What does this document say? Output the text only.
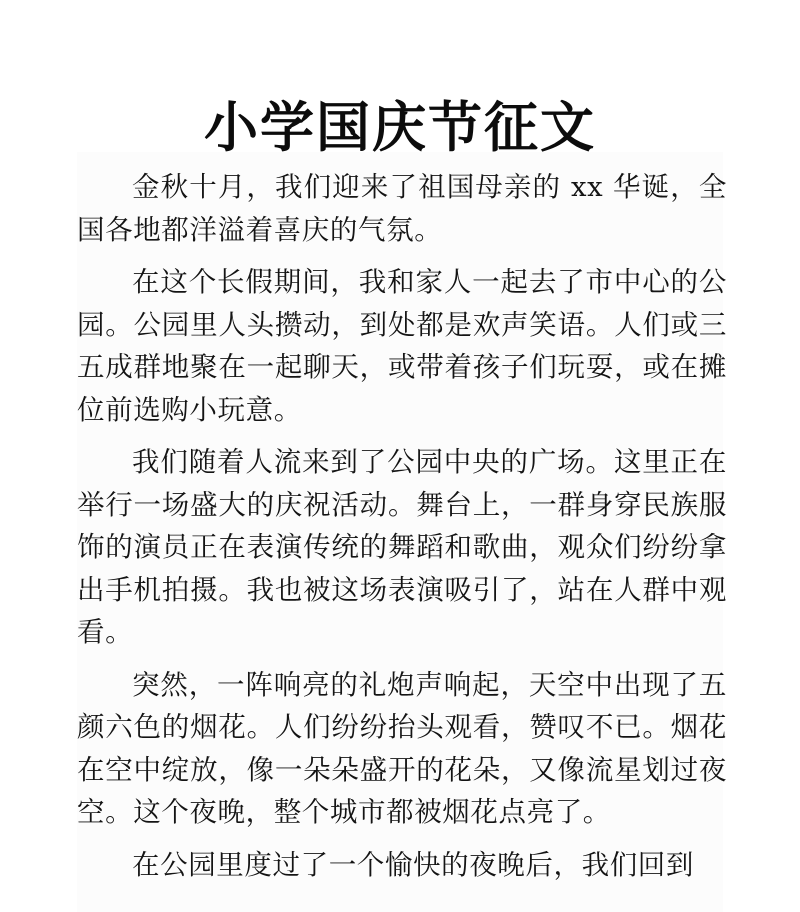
小学国庆节征文

金秋十月，我们迎来了祖国母亲的 xx 华诞，全国各地都洋溢着喜庆的气氛。

在这个长假期间，我和家人一起去了市中心的公园。公园里人头攒动，到处都是欢声笑语。人们或三五成群地聚在一起聊天，或带着孩子们玩耍，或在摊位前选购小玩意。

我们随着人流来到了公园中央的广场。这里正在举行一场盛大的庆祝活动。舞台上，一群身穿民族服饰的演员正在表演传统的舞蹈和歌曲，观众们纷纷拿出手机拍摄。我也被这场表演吸引了，站在人群中观看。

突然，一阵响亮的礼炮声响起，天空中出现了五颜六色的烟花。人们纷纷抬头观看，赞叹不已。烟花在空中绽放，像一朵朵盛开的花朵，又像流星划过夜空。这个夜晚，整个城市都被烟花点亮了。

在公园里度过了一个愉快的夜晚后，我们回到
